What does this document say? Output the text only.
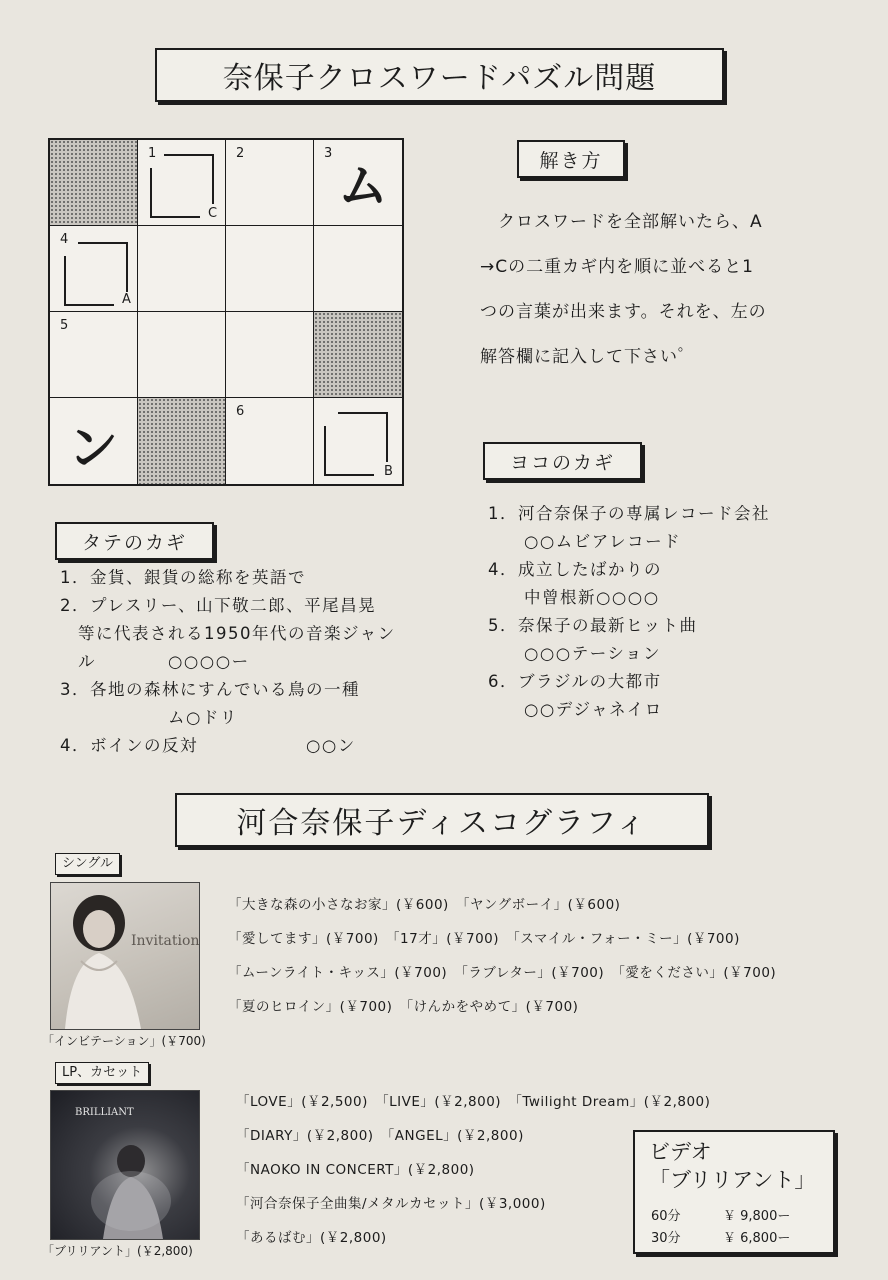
奈保子クロスワードパズル問題
1
C
2	3
ム
4
A
5
ン
6
B
解き方

　クロスワードを全部解いたら、A

→Cの二重カギ内を順に並べると1

つの言葉が出来ます。それを、左の

解答欄に記入して下さい゜

ヨコのカギ
1．河合奈保子の専属レコード会社
　　○○ムビアレコード
4．成立したばかりの
　　中曾根新○○○○
5．奈保子の最新ヒット曲
　　○○○テーション
6．ブラジルの大都市
　　○○デジャネイロ
タテのカギ
1．金貨、銀貨の総称を英語で
2．プレスリー、山下敬二郎、平尾昌晃
　等に代表される1950年代の音楽ジャン
　ル　　　　○○○○ー
3．各地の森林にすんでいる鳥の一種
　　　　　　ム○ドリ
4．ボインの反対　　　　　　○○ン
河合奈保子ディスコグラフィ
シングル
Invitation
「インビテーション」(￥700)
「大きな森の小さなお家」(￥600)　「ヤングボーイ」(￥600)
「愛してます」(￥700)　「17才」(￥700)　「スマイル・フォー・ミー」(￥700)
「ムーンライト・キッス」(￥700)　「ラブレター」(￥700)　「愛をください」(￥700)
「夏のヒロイン」(￥700)　「けんかをやめて」(￥700)
LP、カセット
BRILLIANT
「ブリリアント」(￥2,800)
「LOVE」(￥2,500)　「LIVE」(￥2,800)　「Twilight Dream」(￥2,800)
「DIARY」(￥2,800)　「ANGEL」(￥2,800)
「NAOKO IN CONCERT」(￥2,800)
「河合奈保子全曲集/メタルカセット」(￥3,000)
「あるばむ」(￥2,800)
ビデオ
「ブリリアント」
60分	￥ 9,800ー
30分	￥ 6,800ー
